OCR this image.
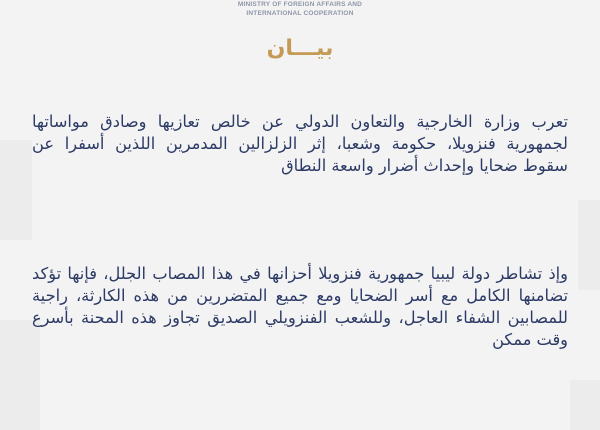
MINISTRY OF FOREIGN AFFAIRS AND
INTERNATIONAL COOPERATION
بيـــان
تعرب وزارة الخارجية والتعاون الدولي عن خالص تعازيها وصادق مواساتها لجمهورية فنزويلا، حكومة وشعبا، إثر الزلزالين المدمرين اللذين أسفرا عن سقوط ضحايا وإحداث أضرار واسعة النطاق
وإذ تشاطر دولة ليبيا جمهورية فنزويلا أحزانها في هذا المصاب الجلل، فإنها تؤكد تضامنها الكامل مع أسر الضحايا ومع جميع المتضررين من هذه الكارثة، راجية للمصابين الشفاء العاجل، وللشعب الفنزويلي الصديق تجاوز هذه المحنة بأسرع وقت ممكن
